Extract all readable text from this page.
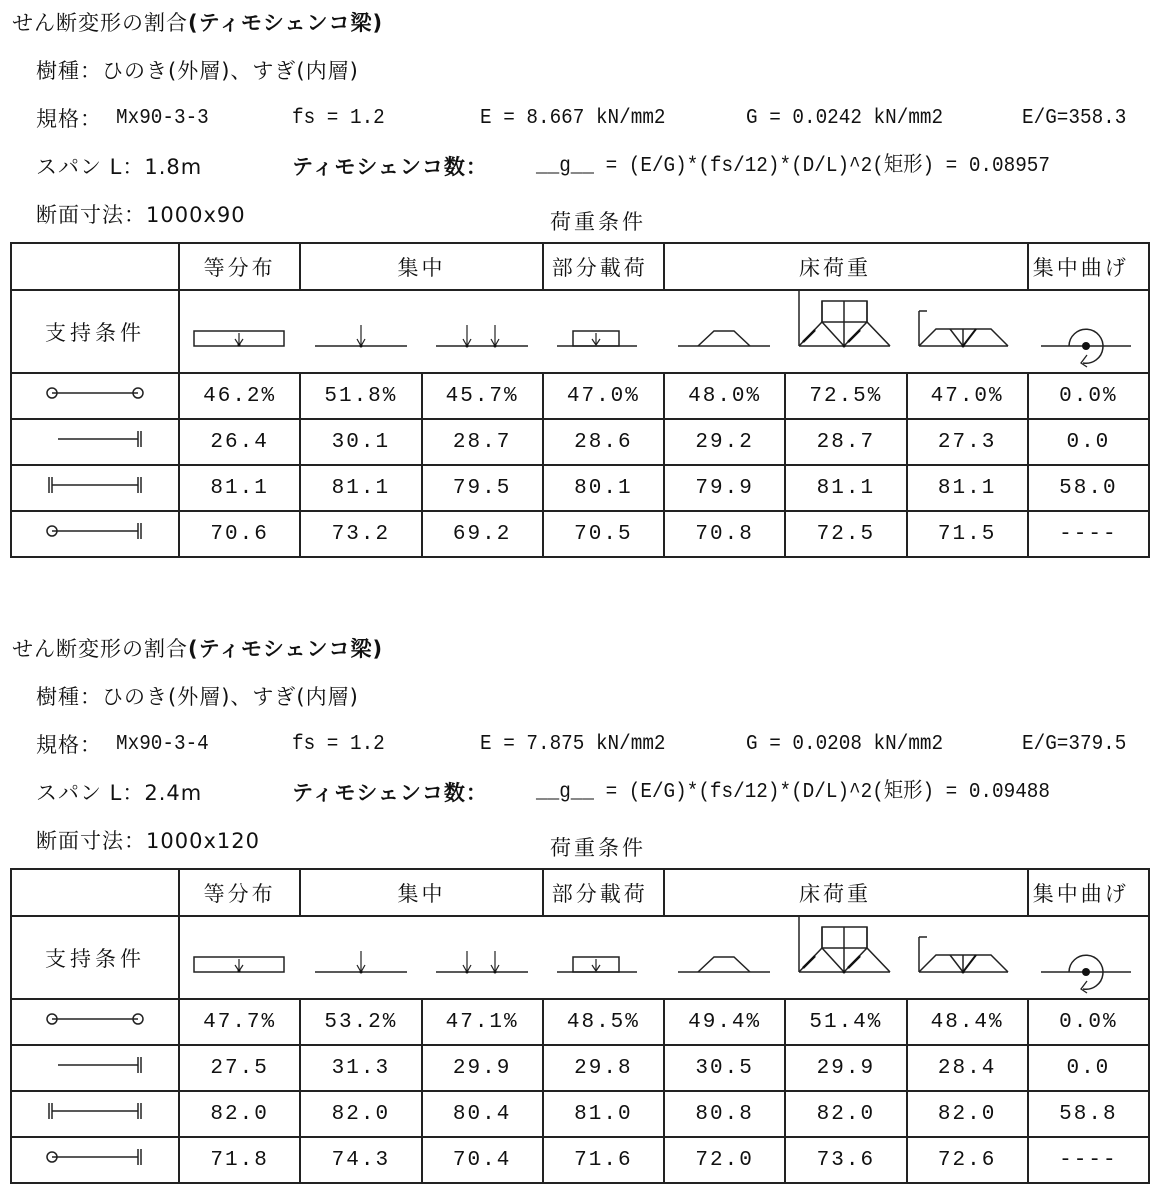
せん断変形の割合(ティモシェンコ梁)
樹種：ひのき(外層)、すぎ(内層)
規格： Mx90-3-3	fs = 1.2	E = 8.667 kN/mm2	G = 0.0242 kN/mm2	E/G=358.3
スパン L：1.8m	ティモシェンコ数： __g__ = (E/G)*(fs/12)*(D/L)^2(矩形) = 0.08957
断面寸法：1000x90	荷重条件
	等分布	集中		部分載荷	床荷重			集中曲げ
支持条件	

	46.2%	51.8%	45.7%	47.0%	48.0%	72.5%	47.0%	0.0%
	26.4	30.1	28.7	28.6	29.2	28.7	27.3	0.0
	81.1	81.1	79.5	80.1	79.9	81.1	81.1	58.0
	70.6	73.2	69.2	70.5	70.8	72.5	71.5	----
せん断変形の割合(ティモシェンコ梁)
樹種：ひのき(外層)、すぎ(内層)
規格： Mx90-3-4	fs = 1.2	E = 7.875 kN/mm2	G = 0.0208 kN/mm2	E/G=379.5
スパン L：2.4m	ティモシェンコ数： __g__ = (E/G)*(fs/12)*(D/L)^2(矩形) = 0.09488
断面寸法：1000x120	荷重条件
	等分布	集中		部分載荷	床荷重			集中曲げ
支持条件	

	47.7%	53.2%	47.1%	48.5%	49.4%	51.4%	48.4%	0.0%
	27.5	31.3	29.9	29.8	30.5	29.9	28.4	0.0
	82.0	82.0	80.4	81.0	80.8	82.0	82.0	58.8
	71.8	74.3	70.4	71.6	72.0	73.6	72.6	----
